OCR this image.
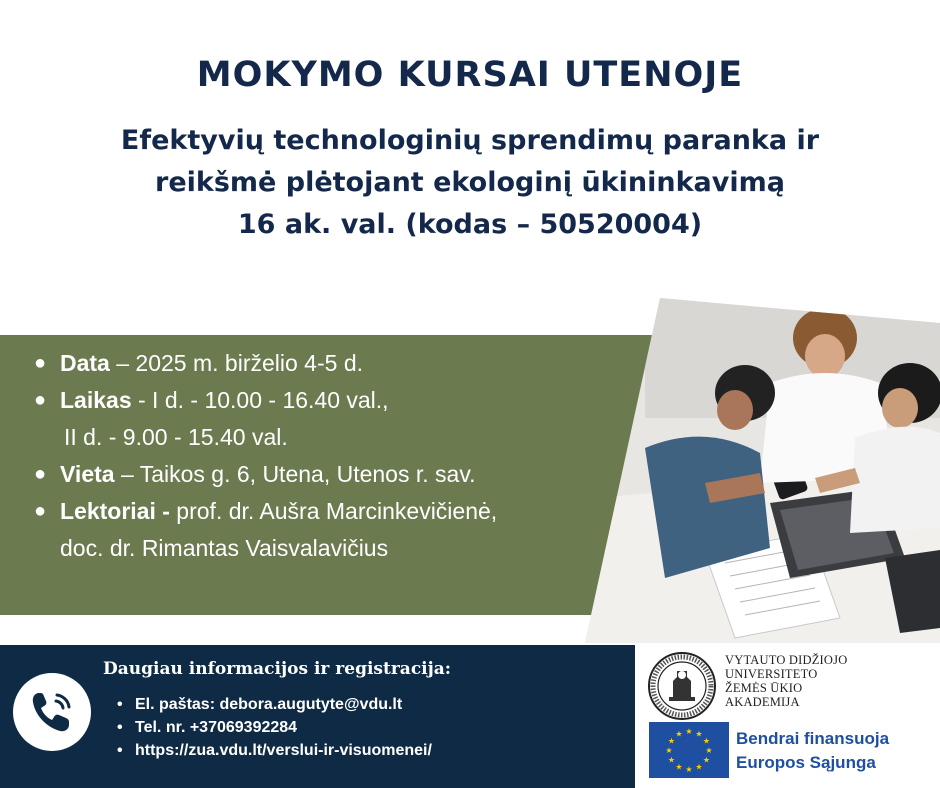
MOKYMO KURSAI UTENOJE
Efektyvių technologinių sprendimų paranka ir
reikšmė plėtojant ekologinį ūkininkavimą
16 ak. val. (kodas – 50520004)
● Data – 2025 m. birželio 4-5 d.
● Laikas - I d. - 10.00 - 16.40 val.,
II d. - 9.00 - 15.40 val.
● Vieta – Taikos g. 6, Utena, Utenos r. sav.
● Lektoriai - prof. dr. Aušra Marcinkevičienė,
doc. dr. Rimantas Vaisvalavičius
Daugiau informacijos ir registracija:
• El. paštas: debora.augutyte@vdu.lt
• Tel. nr. +37069392284
• https://zua.vdu.lt/verslui-ir-visuomenei/
VYTAUTO DIDŽIOJO
UNIVERSITETO
ŽEMĖS ŪKIO
AKADEMIJA
★ ★
★
★
★
★
★
★
★
★
★
★	Bendrai finansuoja
Europos Sąjunga
